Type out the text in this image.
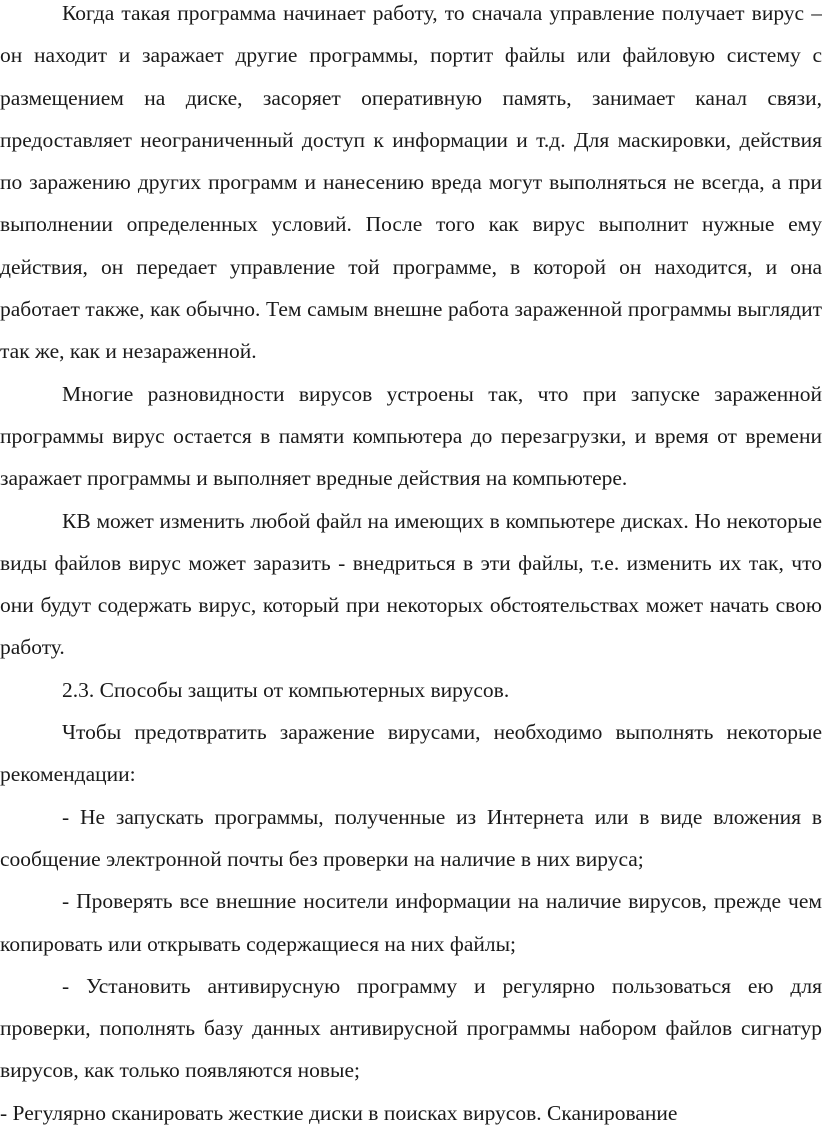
Когда такая программа начинает работу, то сначала управление получает вирус – он находит и заражает другие программы, портит файлы или файловую систему с размещением на диске, засоряет оперативную память, занимает канал связи, предоставляет неограниченный доступ к информации и т.д. Для маскировки, действия по заражению других программ и нанесению вреда могут выполняться не всегда, а при выполнении определенных условий. После того как вирус выполнит нужные ему действия, он передает управление той программе, в которой он находится, и она работает также, как обычно. Тем самым внешне работа зараженной программы выглядит так же, как и незараженной.

Многие разновидности вирусов устроены так, что при запуске зараженной программы вирус остается в памяти компьютера до перезагрузки, и время от времени заражает программы и выполняет вредные действия на компьютере.

КВ может изменить любой файл на имеющих в компьютере дисках. Но некоторые виды файлов вирус может заразить - внедриться в эти файлы, т.е. изменить их так, что они будут содержать вирус, который при некоторых обстоятельствах может начать свою работу.

2.3. Способы защиты от компьютерных вирусов.

Чтобы предотвратить заражение вирусами, необходимо выполнять некоторые рекомендации:

- Не запускать программы, полученные из Интернета или в виде вложения в сообщение электронной почты без проверки на наличие в них вируса;

- Проверять все внешние носители информации на наличие вирусов, прежде чем копировать или открывать содержащиеся на них файлы;

- Установить антивирусную программу и регулярно пользоваться ею для проверки, пополнять базу данных антивирусной программы набором файлов сигнатур вирусов, как только появляются новые;

- Регулярно сканировать жесткие диски в поисках вирусов. Сканирование
